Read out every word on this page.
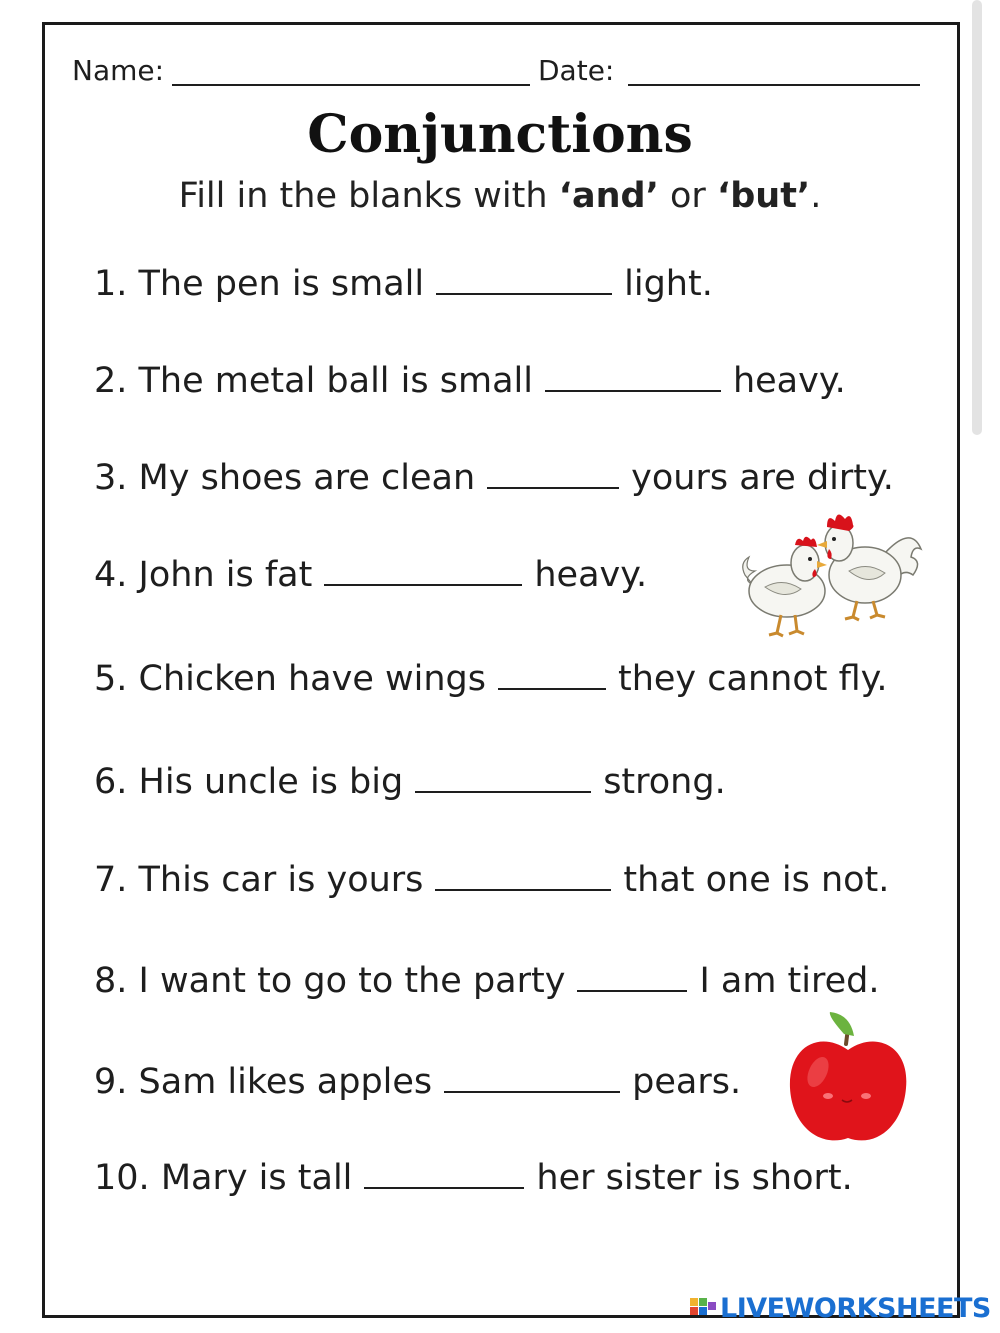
Name:	Date:
Conjunctions
Fill in the blanks with ‘and’ or ‘but’.
1. The pen is small	light.
2. The metal ball is small	heavy.
3. My shoes are clean	yours are dirty.
4. John is fat	heavy.
5. Chicken have wings	they cannot fly.
6. His uncle is big	strong.
7. This car is yours	that one is not.
8. I want to go to the party	I am tired.
9. Sam likes apples	pears.
10. Mary is tall	her sister is short.
LIVEWORKSHEETS
